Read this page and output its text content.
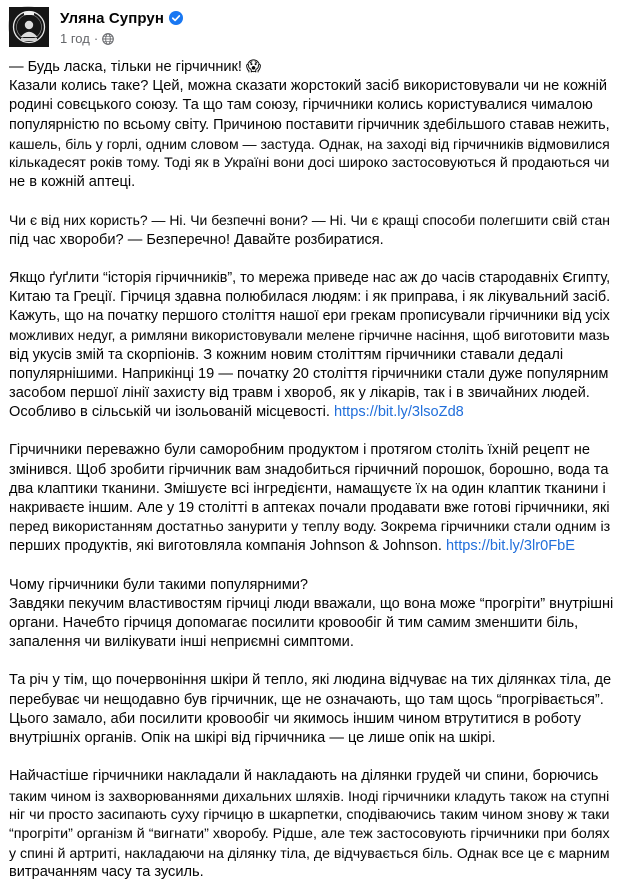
Уляна Супрун
1 год ·
— Будь ласка, тільки не гірчичник! 😱
Казали колись таке? Цей, можна сказати жорстокий засіб використовували чи не кожній
родині совєцького союзу. Та що там союзу, гірчичники колись користувалися чималою
популярністю по всьому світу. Причиною поставити гірчичник здебільшого ставав нежить,
кашель, біль у горлі, одним словом — застуда. Однак, на заході від гірчичників відмовилися
кількадесят років тому. Тоді як в Україні вони досі широко застосовуються й продаються чи
не в кожній аптеці.
Чи є від них користь? — Ні. Чи безпечні вони? — Ні. Чи є кращі способи полегшити свій стан
під час хвороби? — Безперечно! Давайте розбиратися.
Якщо ґуґлити “історія гірчичників”, то мережа приведе нас аж до часів стародавніх Єгипту,
Китаю та Греції. Гірчиця здавна полюбилася людям: і як приправа, і як лікувальний засіб.
Кажуть, що на початку першого століття нашої ери грекам прописували гірчичники від усіх
можливих недуг, а римляни використовували мелене гірчичне насіння, щоб виготовити мазь
від укусів змій та скорпіонів. З кожним новим століттям гірчичники ставали дедалі
популярнішими. Наприкінці 19 — початку 20 століття гірчичники стали дуже популярним
засобом першої лінії захисту від травм і хвороб, як у лікарів, так і в звичайних людей.
Особливо в сільській чи ізольованій місцевості. https://bit.ly/3lsoZd8
Гірчичники переважно були саморобним продуктом і протягом століть їхній рецепт не
змінився. Щоб зробити гірчичник вам знадобиться гірчичний порошок, борошно, вода та
два клаптики тканини. Змішуєте всі інгредієнти, намащуєте їх на один клаптик тканини і
накриваєте іншим. Але у 19 столітті в аптеках почали продавати вже готові гірчичники, які
перед використанням достатньо занурити у теплу воду. Зокрема гірчичники стали одним із
перших продуктів, які виготовляла компанія Johnson & Johnson. https://bit.ly/3lr0FbE
Чому гірчичники були такими популярними?
Завдяки пекучим властивостям гірчиці люди вважали, що вона може “прогріти” внутрішні
органи. Начебто гірчиця допомагає посилити кровообіг й тим самим зменшити біль,
запалення чи вилікувати інші неприємні симптоми.
Та річ у тім, що почервоніння шкіри й тепло, які людина відчуває на тих ділянках тіла, де
перебуває чи нещодавно був гірчичник, ще не означають, що там щось “прогрівається”.
Цього замало, аби посилити кровообіг чи якимось іншим чином втрутитися в роботу
внутрішніх органів. Опік на шкірі від гірчичника — це лише опік на шкірі.
Найчастіше гірчичники накладали й накладають на ділянки грудей чи спини, борючись
таким чином із захворюваннями дихальних шляхів. Іноді гірчичники кладуть також на ступні
ніг чи просто засипають суху гірчицю в шкарпетки, сподіваючись таким чином знову ж таки
“прогріти” організм й “вигнати” хворобу. Рідше, але теж застосовують гірчичники при болях
у спині й артриті, накладаючи на ділянку тіла, де відчувається біль. Однак все це є марним
витрачанням часу та зусиль.
